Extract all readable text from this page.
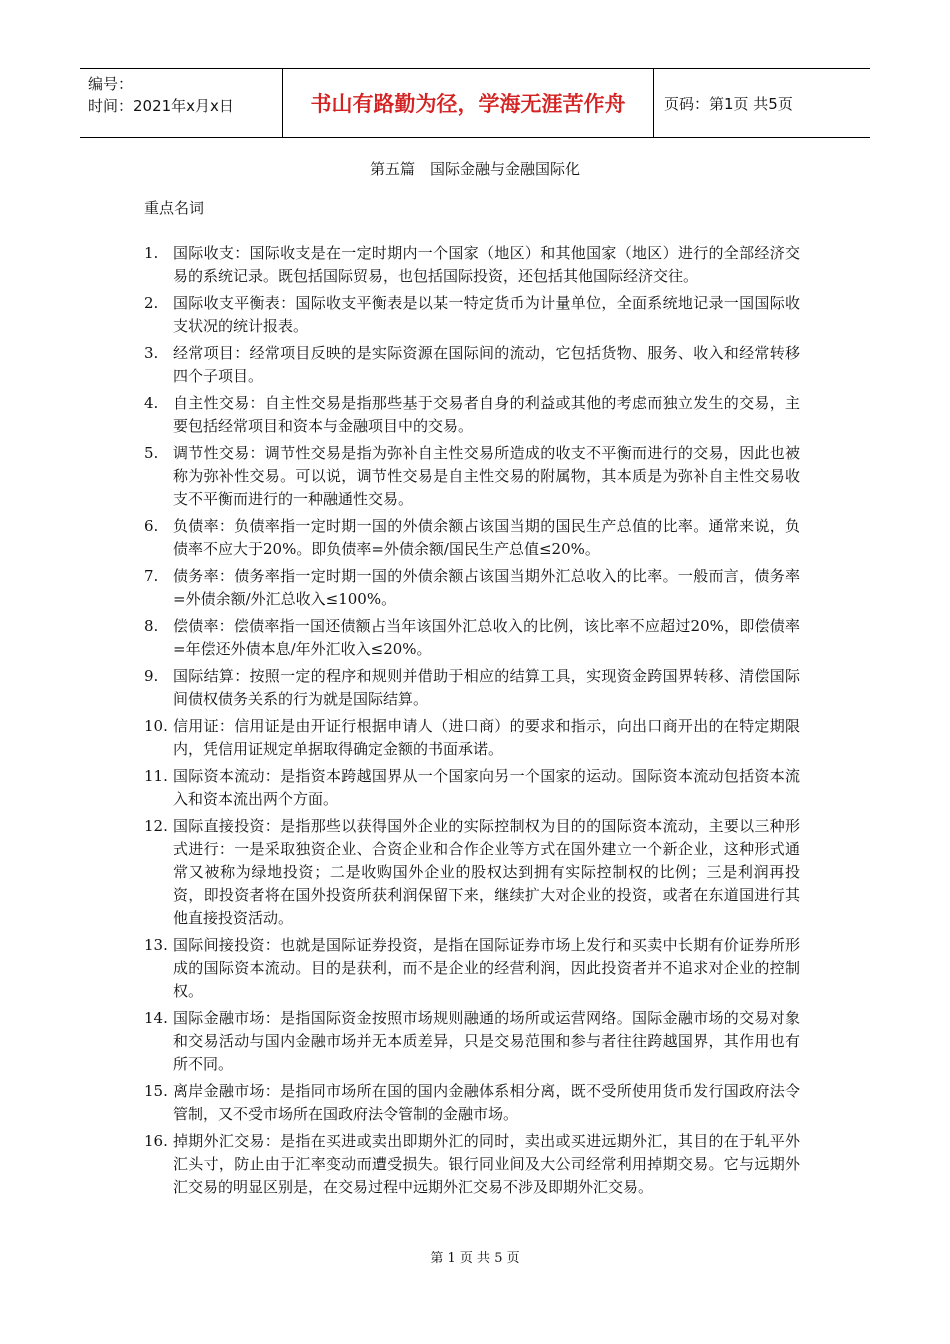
编号：
时间：2021年x月x日	书山有路勤为径，学海无涯苦作舟	页码：第1页 共5页
第五篇　国际金融与金融国际化
重点名词
1. 国际收支：国际收支是在一定时期内一个国家（地区）和其他国家（地区）进行的全部经济交易的系统记录。既包括国际贸易，也包括国际投资，还包括其他国际经济交往。
2. 国际收支平衡表：国际收支平衡表是以某一特定货币为计量单位，全面系统地记录一国国际收支状况的统计报表。
3. 经常项目：经常项目反映的是实际资源在国际间的流动，它包括货物、服务、收入和经常转移四个子项目。
4. 自主性交易：自主性交易是指那些基于交易者自身的利益或其他的考虑而独立发生的交易，主要包括经常项目和资本与金融项目中的交易。
5. 调节性交易：调节性交易是指为弥补自主性交易所造成的收支不平衡而进行的交易，因此也被称为弥补性交易。可以说，调节性交易是自主性交易的附属物，其本质是为弥补自主性交易收支不平衡而进行的一种融通性交易。
6. 负债率：负债率指一定时期一国的外债余额占该国当期的国民生产总值的比率。通常来说，负债率不应大于20%。即负债率=外债余额/国民生产总值≤20%。
7. 债务率：债务率指一定时期一国的外债余额占该国当期外汇总收入的比率。一般而言，债务率=外债余额/外汇总收入≤100%。
8. 偿债率：偿债率指一国还债额占当年该国外汇总收入的比例，该比率不应超过20%，即偿债率=年偿还外债本息/年外汇收入≤20%。
9. 国际结算：按照一定的程序和规则并借助于相应的结算工具，实现资金跨国界转移、清偿国际间债权债务关系的行为就是国际结算。
10. 信用证：信用证是由开证行根据申请人（进口商）的要求和指示，向出口商开出的在特定期限内，凭信用证规定单据取得确定金额的书面承诺。
11. 国际资本流动：是指资本跨越国界从一个国家向另一个国家的运动。国际资本流动包括资本流入和资本流出两个方面。
12. 国际直接投资：是指那些以获得国外企业的实际控制权为目的的国际资本流动，主要以三种形式进行：一是采取独资企业、合资企业和合作企业等方式在国外建立一个新企业，这种形式通常又被称为绿地投资；二是收购国外企业的股权达到拥有实际控制权的比例；三是利润再投资，即投资者将在国外投资所获利润保留下来，继续扩大对企业的投资，或者在东道国进行其他直接投资活动。
13. 国际间接投资：也就是国际证券投资，是指在国际证券市场上发行和买卖中长期有价证券所形成的国际资本流动。目的是获利，而不是企业的经营利润，因此投资者并不追求对企业的控制权。
14. 国际金融市场：是指国际资金按照市场规则融通的场所或运营网络。国际金融市场的交易对象和交易活动与国内金融市场并无本质差异，只是交易范围和参与者往往跨越国界，其作用也有所不同。
15. 离岸金融市场：是指同市场所在国的国内金融体系相分离，既不受所使用货币发行国政府法令管制，又不受市场所在国政府法令管制的金融市场。
16. 掉期外汇交易：是指在买进或卖出即期外汇的同时，卖出或买进远期外汇，其目的在于轧平外汇头寸，防止由于汇率变动而遭受损失。银行同业间及大公司经常利用掉期交易。它与远期外汇交易的明显区别是，在交易过程中远期外汇交易不涉及即期外汇交易。
第 1 页 共 5 页
